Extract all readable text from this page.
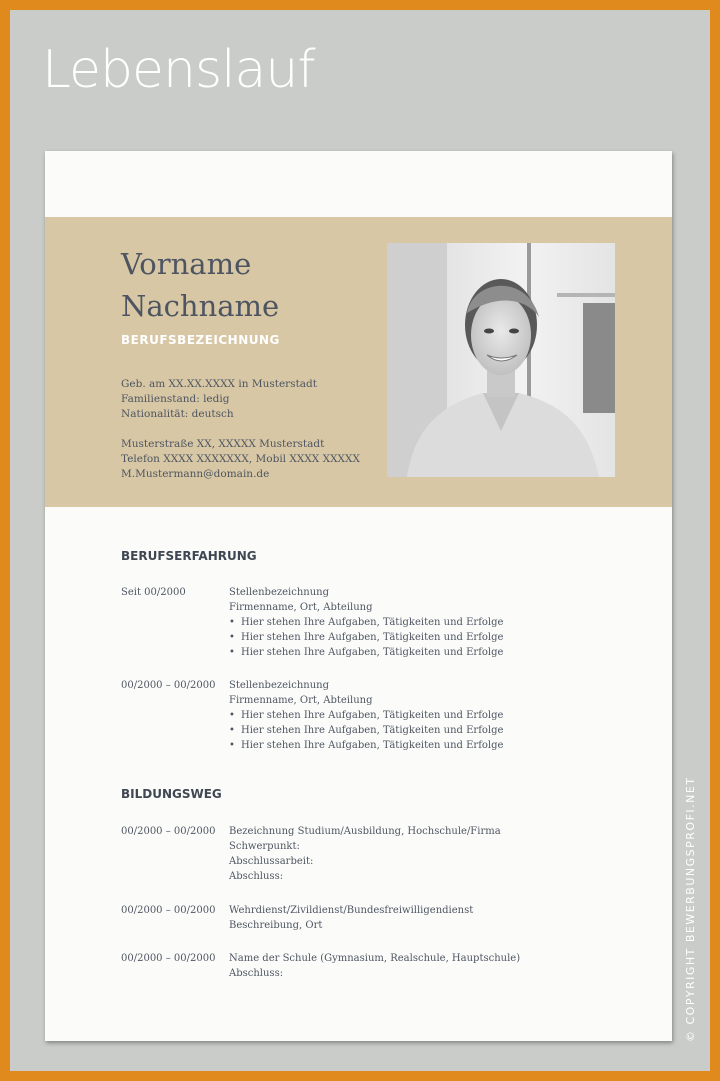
Lebenslauf
Vorname
Nachname
BERUFSBEZEICHNUNG
Geb. am XX.XX.XXXX in Musterstadt
Familienstand: ledig
Nationalität: deutsch
Musterstraße XX, XXXXX Musterstadt
Telefon XXXX XXXXXXX, Mobil XXXX XXXXX
M.Mustermann@domain.de
BERUFSERFAHRUNG
Seit 00/2000	Stellenbezeichnung
Firmenname, Ort, Abteilung
• Hier stehen Ihre Aufgaben, Tätigkeiten und Erfolge
• Hier stehen Ihre Aufgaben, Tätigkeiten und Erfolge
• Hier stehen Ihre Aufgaben, Tätigkeiten und Erfolge
00/2000 – 00/2000	Stellenbezeichnung
Firmenname, Ort, Abteilung
• Hier stehen Ihre Aufgaben, Tätigkeiten und Erfolge
• Hier stehen Ihre Aufgaben, Tätigkeiten und Erfolge
• Hier stehen Ihre Aufgaben, Tätigkeiten und Erfolge
BILDUNGSWEG
00/2000 – 00/2000	Bezeichnung Studium/Ausbildung, Hochschule/Firma
Schwerpunkt:
Abschlussarbeit:
Abschluss:
00/2000 – 00/2000	Wehrdienst/Zivildienst/Bundesfreiwilligendienst
Beschreibung, Ort
00/2000 – 00/2000	Name der Schule (Gymnasium, Realschule, Hauptschule)
Abschluss:	© COPYRIGHT BEWERBUNGSPROFI.NET
